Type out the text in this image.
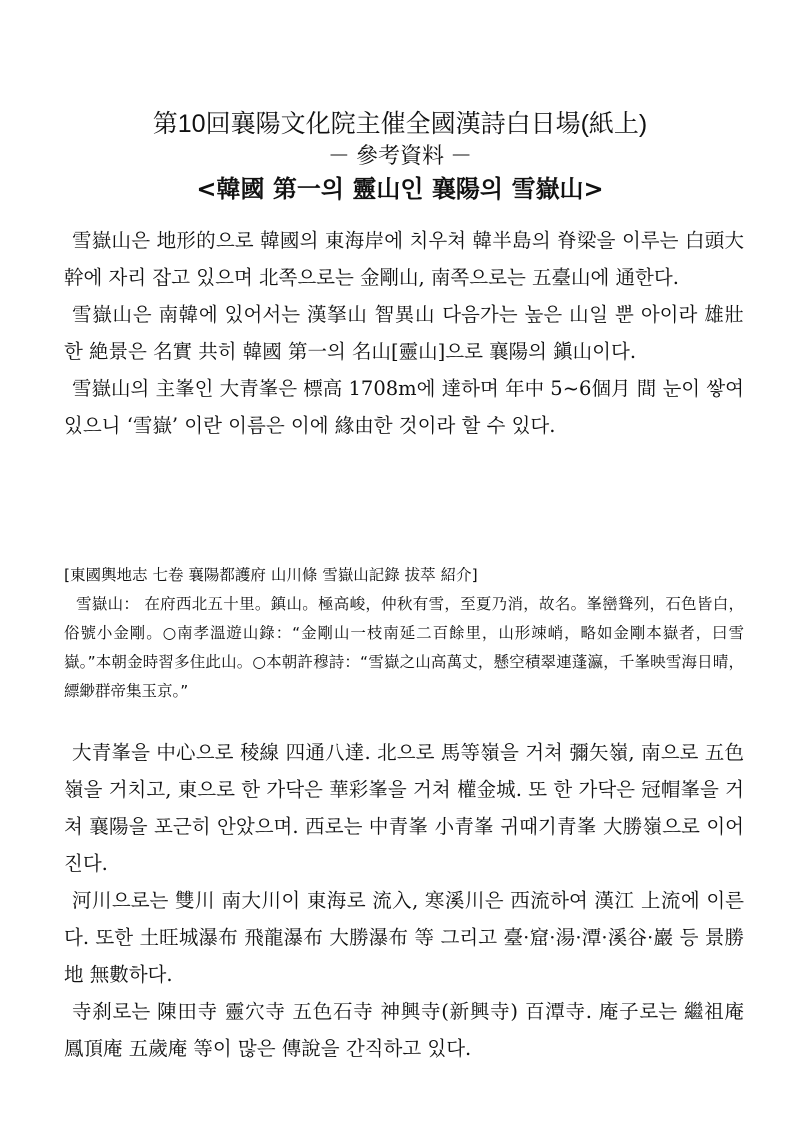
第10回襄陽文化院主催全國漢詩白日場(紙上)

－ 參考資料 －

<韓國 第一의 靈山인 襄陽의 雪嶽山>

雪嶽山은 地形的으로 韓國의 東海岸에 치우쳐 韓半島의 脊梁을 이루는 白頭大幹에 자리 잡고 있으며 北쪽으로는 金剛山, 南쪽으로는 五臺山에 通한다.

雪嶽山은 南韓에 있어서는 漢拏山 智異山 다음가는 높은 山일 뿐 아이라 雄壯한 絶景은 名實 共히 韓國 第一의 名山[靈山]으로 襄陽의 鎭山이다.

雪嶽山의 主峯인 大青峯은 標高 1708m에 達하며 年中 5~6個月 間 눈이 쌓여 있으니 ‘雪嶽’ 이란 이름은 이에 緣由한 것이라 할 수 있다.

[東國輿地志 七卷 襄陽都護府 山川條 雪嶽山記錄 拔萃 紹介]

雪嶽山： 在府西北五十里。鎮山。極高峻，仲秋有雪，至夏乃消，故名。峯巒聳列，石色皆白，俗號小金剛。○南孝溫遊山錄：“金剛山一枝南延二百餘里，山形竦峭，略如金剛本嶽者，曰雪嶽。”本朝金時習多住此山。○本朝許穆詩：“雪嶽之山高萬丈，懸空積翠連蓬瀛，千峯映雪海日晴，縹緲群帝集玉京。”

大青峯을 中心으로 稜線 四通八達. 北으로 馬等嶺을 거쳐 彌矢嶺, 南으로 五色嶺을 거치고, 東으로 한 가닥은 華彩峯을 거쳐 權金城. 또 한 가닥은 冠帽峯을 거쳐 襄陽을 포근히 안았으며. 西로는 中青峯 小青峯 귀때기青峯 大勝嶺으로 이어진다.

河川으로는 雙川 南大川이 東海로 流入, 寒溪川은 西流하여 漢江 上流에 이른다. 또한 土旺城瀑布 飛龍瀑布 大勝瀑布 等 그리고 臺·窟·湯·潭·溪谷·巖 등 景勝地 無數하다.

寺刹로는 陳田寺 靈穴寺 五色石寺 神興寺(新興寺) 百潭寺. 庵子로는 繼祖庵 鳳頂庵 五歲庵 等이 많은 傳說을 간직하고 있다.
